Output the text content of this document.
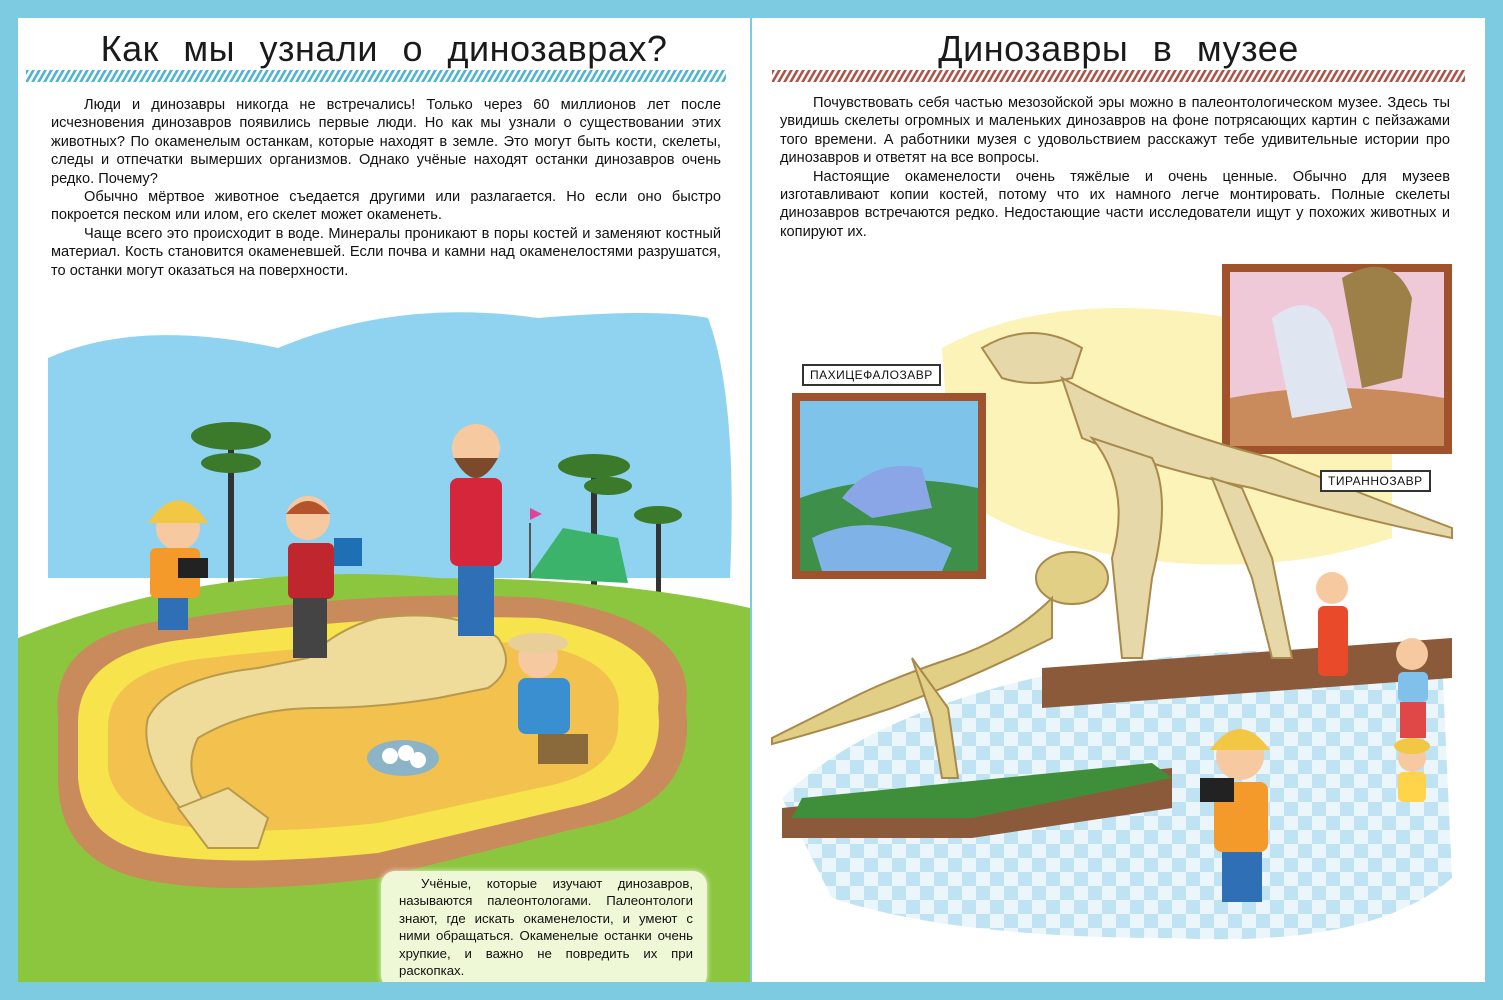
Как мы узнали о динозаврах?

Люди и динозавры никогда не встречались! Только через 60 миллионов лет после исчезновения динозавров появились первые люди. Но как мы узнали о существовании этих животных? По окаменелым останкам, которые находят в земле. Это могут быть кости, скелеты, следы и отпечатки вымерших организмов. Однако учёные находят останки динозавров очень редко. Почему?

Обычно мёртвое животное съедается другими или разлагается. Но если оно быстро покроется песком или илом, его скелет может окаменеть.

Чаще всего это происходит в воде. Минералы проникают в поры костей и заменяют костный материал. Кость становится окаменевшей. Если почва и камни над окаменелостями разрушатся, то останки могут оказаться на поверхности.

Учёные, которые изучают динозавров, называются палеонтологами. Палеонтологи знают, где искать окаменелости, и умеют с ними обращаться. Окаменелые останки очень хрупкие, и важно не повредить их при раскопках.

Динозавры в музее

Почувствовать себя частью мезозойской эры можно в палеонтологическом музее. Здесь ты увидишь скелеты огромных и маленьких динозавров на фоне потрясающих картин с пейзажами того времени. А работники музея с удовольствием расскажут тебе удивительные истории про динозавров и ответят на все вопросы.

Настоящие окаменелости очень тяжёлые и очень ценные. Обычно для музеев изготавливают копии костей, потому что их намного легче монтировать. Полные скелеты динозавров встречаются редко. Недостающие части исследователи ищут у похожих животных и копируют их.

ПАХИЦЕФАЛОЗАВР
ТИРАННОЗАВР
